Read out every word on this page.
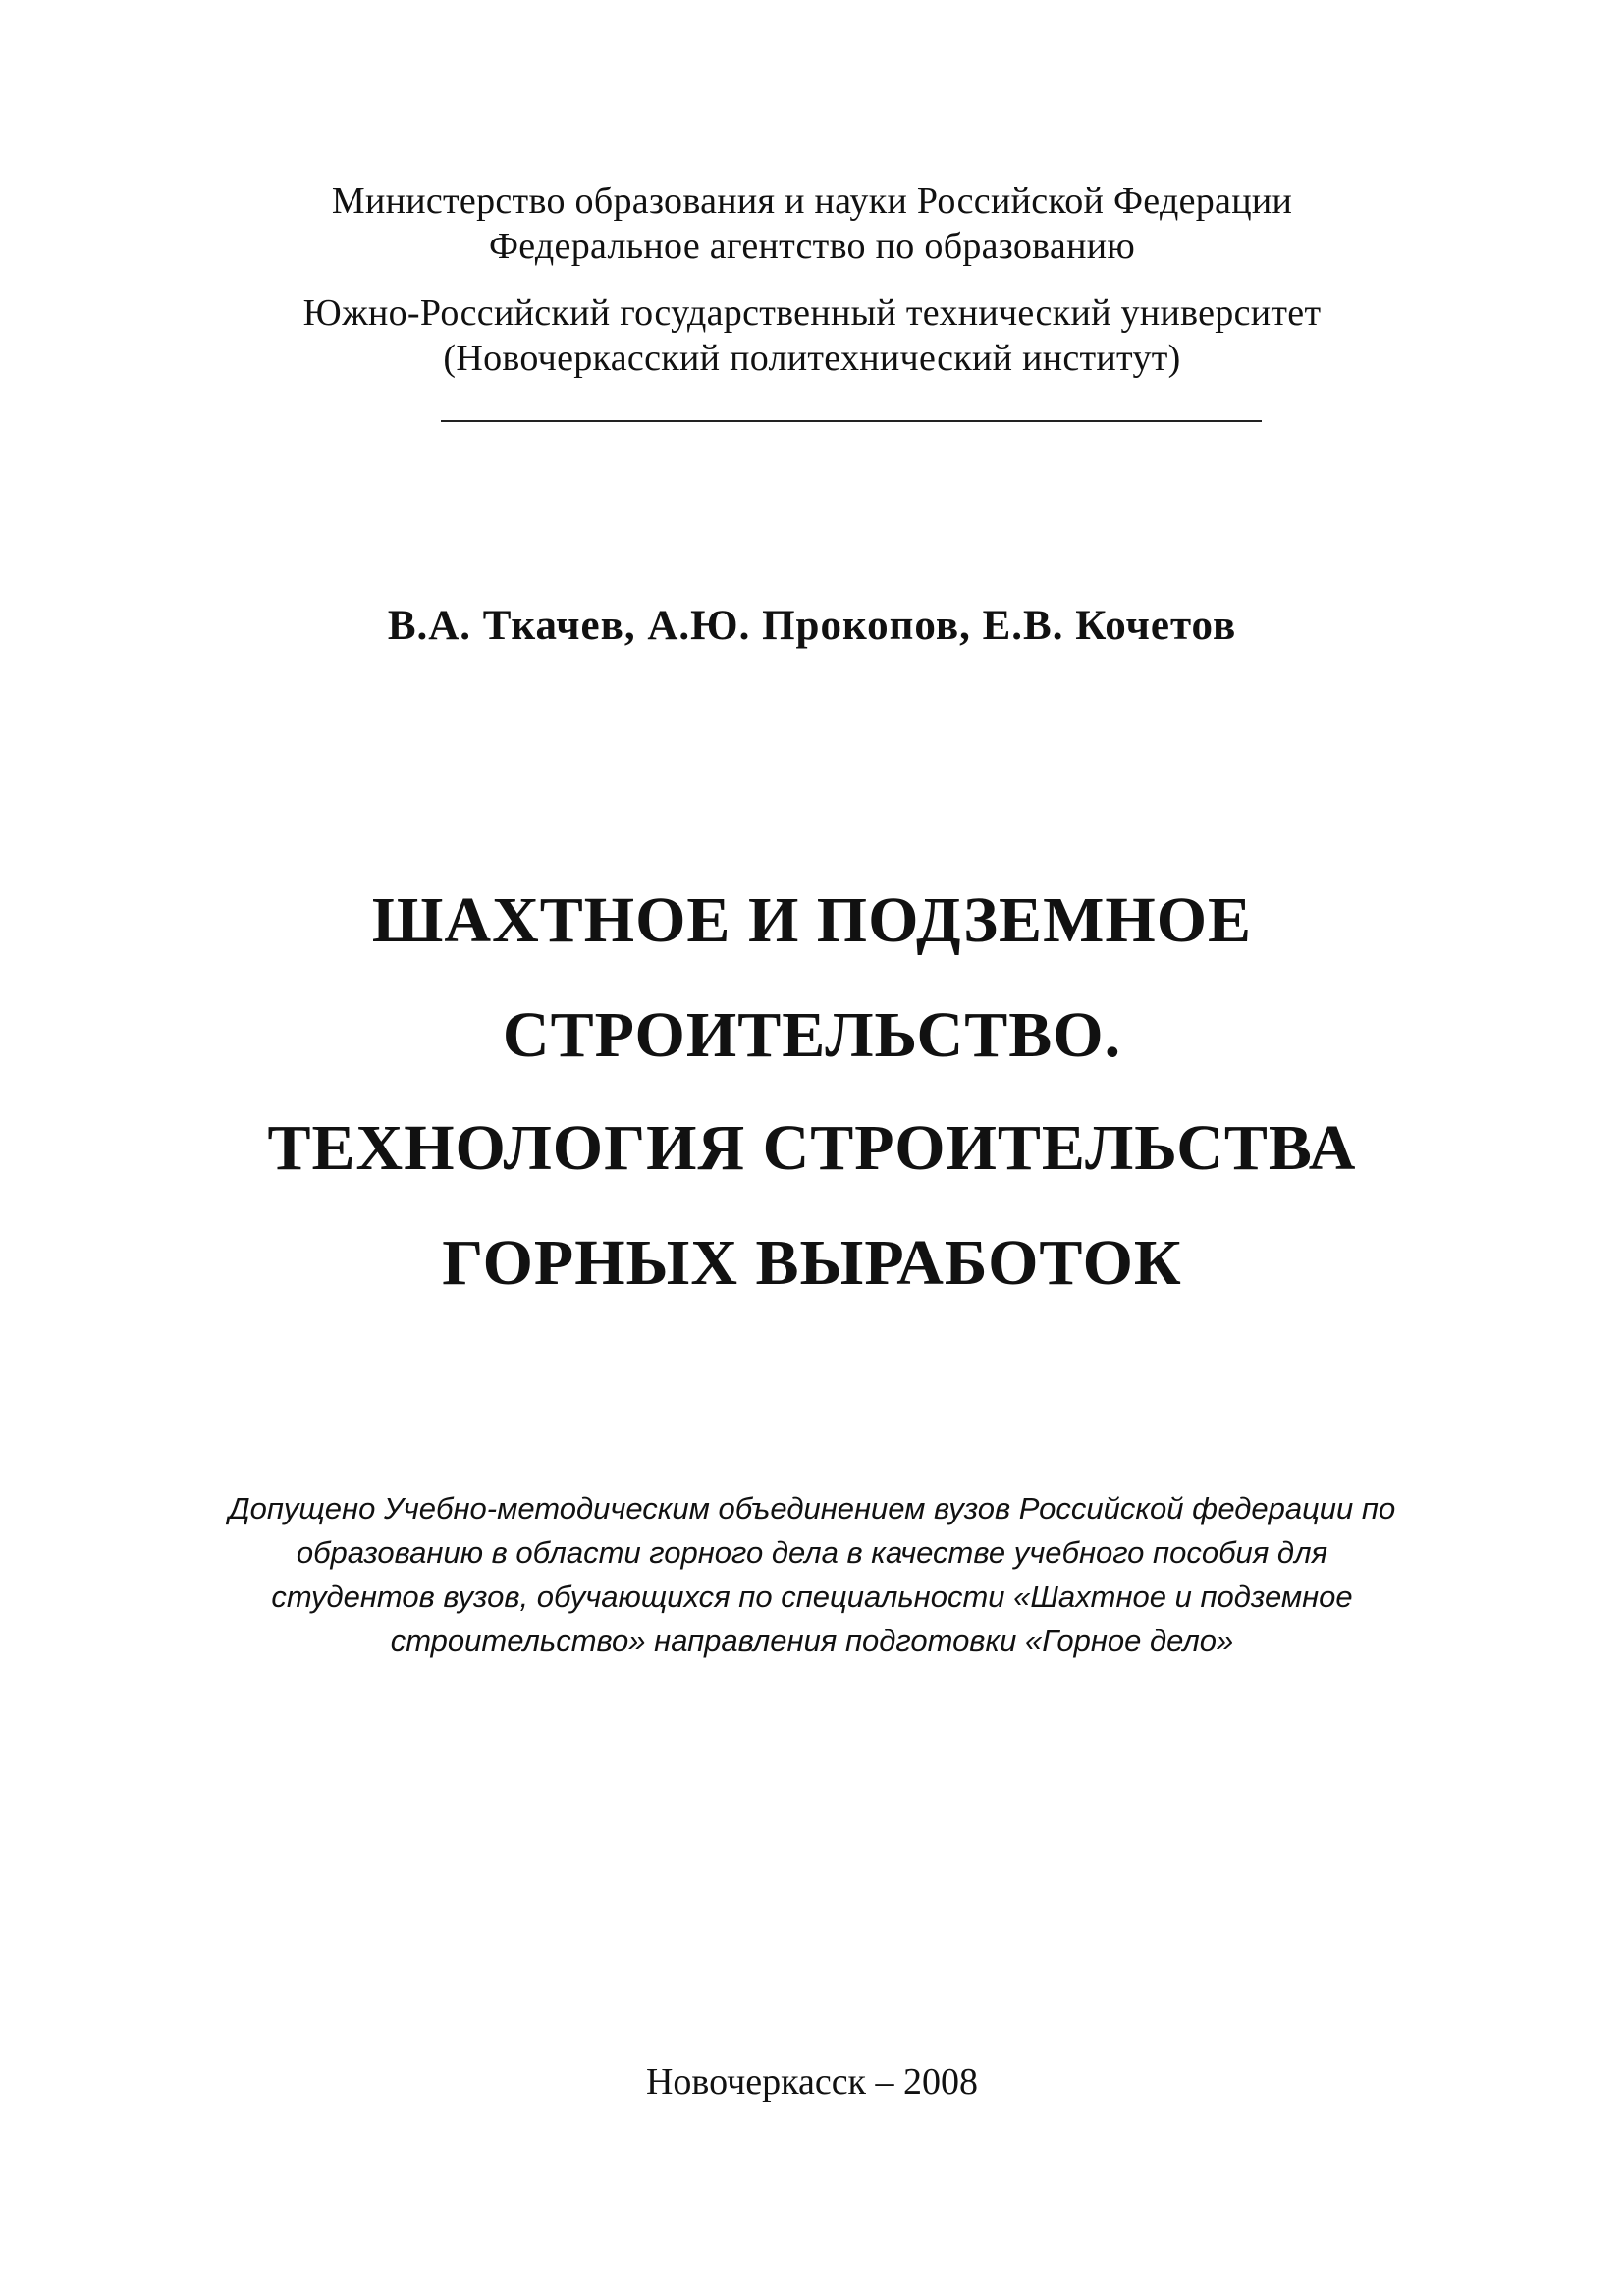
Министерство образования и науки Российской Федерации
Федеральное агентство по образованию
Южно-Российский государственный технический университет
(Новочеркасский политехнический институт)
В.А. Ткачев, А.Ю. Прокопов, Е.В. Кочетов
ШАХТНОЕ И ПОДЗЕМНОЕ
СТРОИТЕЛЬСТВО.
ТЕХНОЛОГИЯ СТРОИТЕЛЬСТВА
ГОРНЫХ ВЫРАБОТОК
Допущено Учебно-методическим объединением вузов Российской федерации по
образованию в области горного дела в качестве учебного пособия для
студентов вузов, обучающихся по специальности «Шахтное и подземное
строительство» направления подготовки «Горное дело»
Новочеркасск – 2008
